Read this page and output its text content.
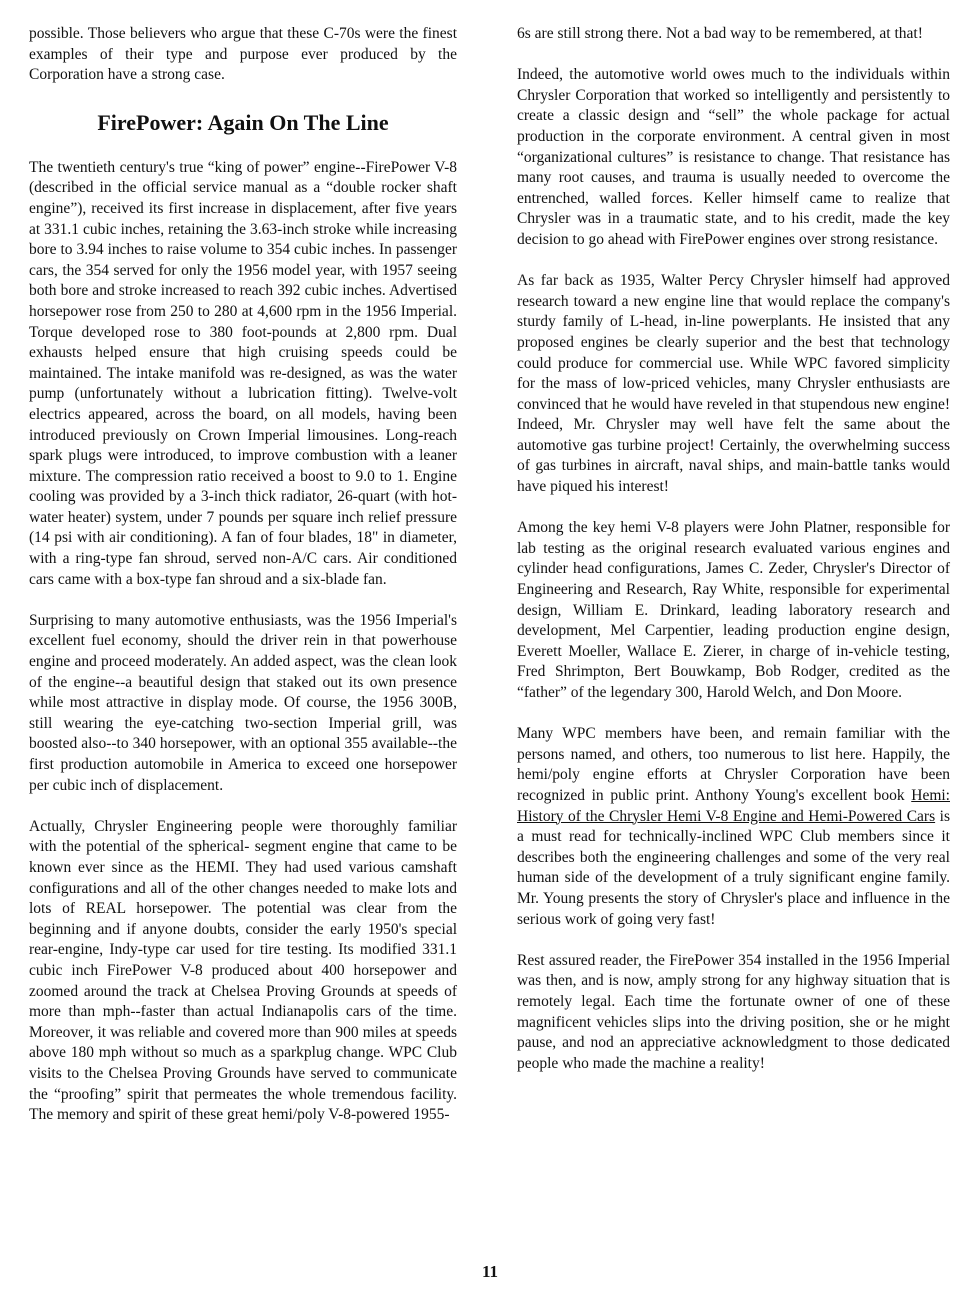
possible. Those believers who argue that these C-70s were the finest examples of their type and purpose ever produced by the Corporation have a strong case.

FirePower: Again On The Line

The twentieth century's true “king of power” engine--FirePower V-8 (described in the official service manual as a “double rocker shaft engine”), received its first increase in displacement, after five years at 331.1 cubic inches, retaining the 3.63-inch stroke while increasing bore to 3.94 inches to raise volume to 354 cubic inches. In passenger cars, the 354 served for only the 1956 model year, with 1957 seeing both bore and stroke increased to reach 392 cubic inches. Advertised horsepower rose from 250 to 280 at 4,600 rpm in the 1956 Imperial. Torque developed rose to 380 foot-pounds at 2,800 rpm. Dual exhausts helped ensure that high cruising speeds could be maintained. The intake manifold was re-designed, as was the water pump (unfortunately without a lubrication fitting). Twelve-volt electrics appeared, across the board, on all models, having been introduced previously on Crown Imperial limousines. Long-reach spark plugs were introduced, to improve combustion with a leaner mixture. The compression ratio received a boost to 9.0 to 1. Engine cooling was provided by a 3-inch thick radiator, 26-quart (with hot-water heater) system, under 7 pounds per square inch relief pressure (14 psi with air conditioning). A fan of four blades, 18" in diameter, with a ring-type fan shroud, served non-A/C cars. Air conditioned cars came with a box-type fan shroud and a six-blade fan.

Surprising to many automotive enthusiasts, was the 1956 Imperial's excellent fuel economy, should the driver rein in that powerhouse engine and proceed moderately. An added aspect, was the clean look of the engine--a beautiful design that staked out its own presence while most attractive in display mode. Of course, the 1956 300B, still wearing the eye-catching two-section Imperial grill, was boosted also--to 340 horsepower, with an optional 355 available--the first production automobile in America to exceed one horsepower per cubic inch of displacement.

Actually, Chrysler Engineering people were thoroughly familiar with the potential of the spherical- segment engine that came to be known ever since as the HEMI. They had used various camshaft configurations and all of the other changes needed to make lots and lots of REAL horsepower. The potential was clear from the beginning and if anyone doubts, consider the early 1950's special rear-engine, Indy-type car used for tire testing. Its modified 331.1 cubic inch FirePower V-8 produced about 400 horsepower and zoomed around the track at Chelsea Proving Grounds at speeds of more than mph--faster than actual Indianapolis cars of the time. Moreover, it was reliable and covered more than 900 miles at speeds above 180 mph without so much as a sparkplug change. WPC Club visits to the Chelsea Proving Grounds have served to communicate the “proofing” spirit that permeates the whole tremendous facility. The memory and spirit of these great hemi/poly V-8-powered 1955-

6s are still strong there. Not a bad way to be remembered, at that!

Indeed, the automotive world owes much to the individuals within Chrysler Corporation that worked so intelligently and persistently to create a classic design and “sell” the whole package for actual production in the corporate environment. A central given in most “organizational cultures” is resistance to change. That resistance has many root causes, and trauma is usually needed to overcome the entrenched, walled forces. Keller himself came to realize that Chrysler was in a traumatic state, and to his credit, made the key decision to go ahead with FirePower engines over strong resistance.

As far back as 1935, Walter Percy Chrysler himself had approved research toward a new engine line that would replace the company's sturdy family of L-head, in-line powerplants. He insisted that any proposed engines be clearly superior and the best that technology could produce for commercial use. While WPC favored simplicity for the mass of low-priced vehicles, many Chrysler enthusiasts are convinced that he would have reveled in that stupendous new engine! Indeed, Mr. Chrysler may well have felt the same about the automotive gas turbine project! Certainly, the overwhelming success of gas turbines in aircraft, naval ships, and main-battle tanks would have piqued his interest!

Among the key hemi V-8 players were John Platner, responsible for lab testing as the original research evaluated various engines and cylinder head configurations, James C. Zeder, Chrysler's Director of Engineering and Research, Ray White, responsible for experimental design, William E. Drinkard, leading laboratory research and development, Mel Carpentier, leading production engine design, Everett Moeller, Wallace E. Zierer, in charge of in-vehicle testing, Fred Shrimpton, Bert Bouwkamp, Bob Rodger, credited as the “father” of the legendary 300, Harold Welch, and Don Moore.

Many WPC members have been, and remain familiar with the persons named, and others, too numerous to list here. Happily, the hemi/poly engine efforts at Chrysler Corporation have been recognized in public print. Anthony Young's excellent book Hemi: History of the Chrysler Hemi V-8 Engine and Hemi-Powered Cars is a must read for technically-inclined WPC Club members since it describes both the engineering challenges and some of the very real human side of the development of a truly significant engine family. Mr. Young presents the story of Chrysler's place and influence in the serious work of going very fast!

Rest assured reader, the FirePower 354 installed in the 1956 Imperial was then, and is now, amply strong for any highway situation that is remotely legal. Each time the fortunate owner of one of these magnificent vehicles slips into the driving position, she or he might pause, and nod an appreciative acknowledgment to those dedicated people who made the machine a reality!

11
